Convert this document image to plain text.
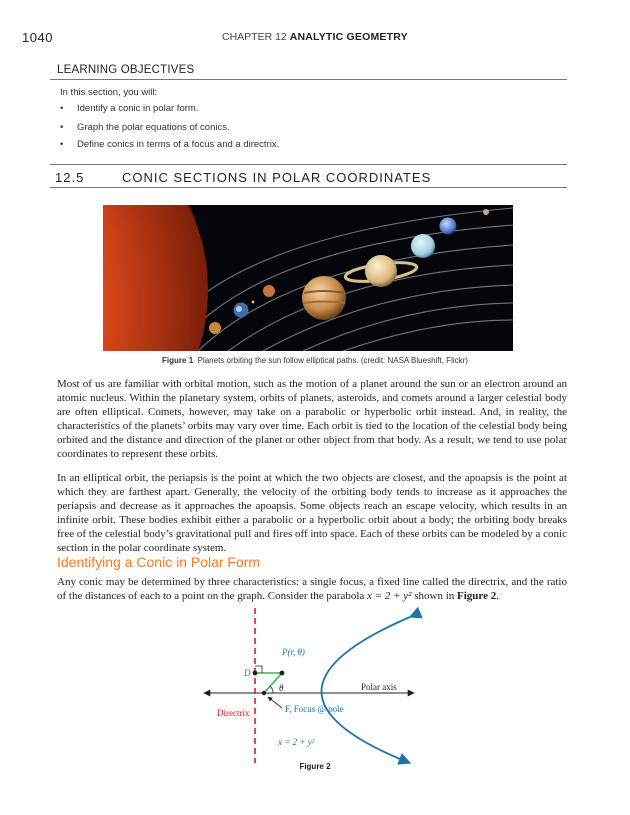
1040	CHAPTER 12 ANALYTIC GEOMETRY
LEARNING OBJECTIVES
In this section, you will:
• Identify a conic in polar form.
• Graph the polar equations of conics.
• Define conics in terms of a focus and a directrix.
12.5	CONIC SECTIONS IN POLAR COORDINATES
Figure 1 Planets orbiting the sun follow elliptical paths. (credit: NASA Blueshift, Flickr)
Most of us are familiar with orbital motion, such as the motion of a planet around the sun or an electron around an atomic nucleus. Within the planetary system, orbits of planets, asteroids, and comets around a larger celestial body are often elliptical. Comets, however, may take on a parabolic or hyperbolic orbit instead. And, in reality, the characteristics of the planets’ orbits may vary over time. Each orbit is tied to the location of the celestial body being orbited and the distance and direction of the planet or other object from that body. As a result, we tend to use polar coordinates to represent these orbits.
In an elliptical orbit, the periapsis is the point at which the two objects are closest, and the apoapsis is the point at which they are farthest apart. Generally, the velocity of the orbiting body tends to increase as it approaches the periapsis and decrease as it approaches the apoapsis. Some objects reach an escape velocity, which results in an infinite orbit. These bodies exhibit either a parabolic or a hyperbolic orbit about a body; the orbiting body breaks free of the celestial body’s gravitational pull and fires off into space. Each of these orbits can be modeled by a conic section in the polar coordinate system.
Identifying a Conic in Polar Form
Any conic may be determined by three characteristics: a single focus, a fixed line called the directrix, and the ratio of the distances of each to a point on the graph. Consider the parabola x = 2 + y² shown in Figure 2.
P(r, θ)
D
θ	Polar axis
F, Focus @ pole
Directrix
x = 2 + y²
Figure 2
